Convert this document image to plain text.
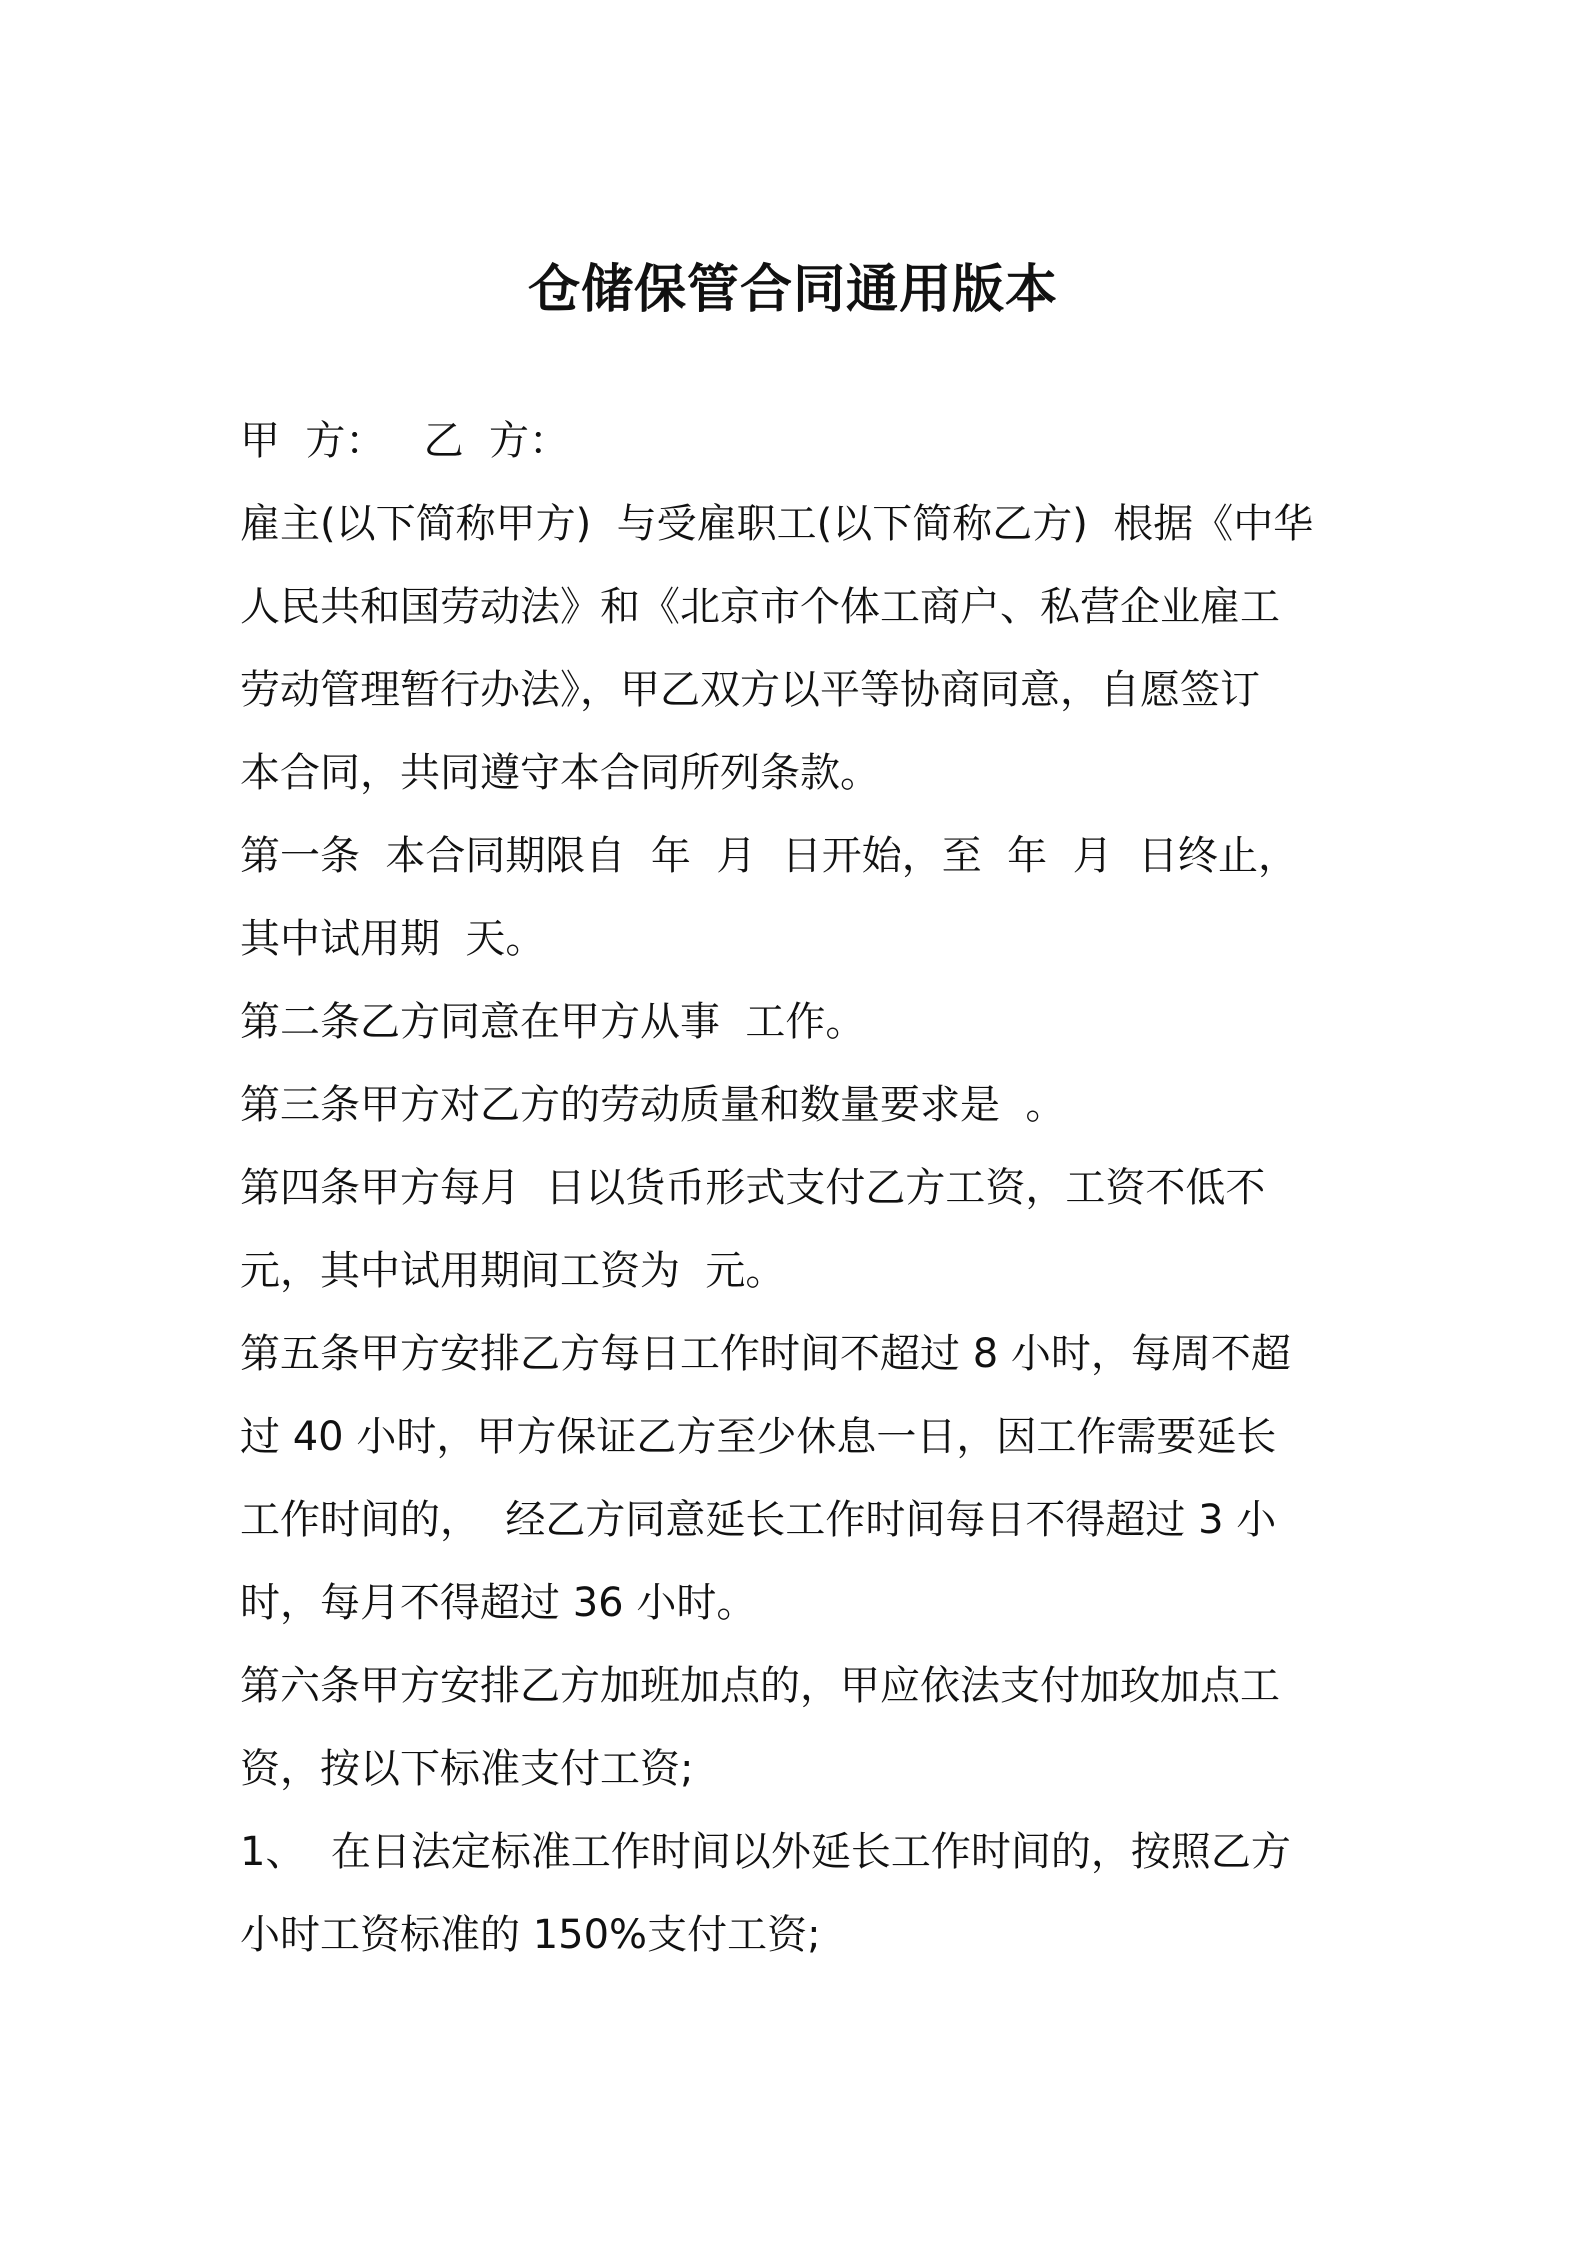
仓储保管合同通用版本
甲  方：   乙  方：
雇主(以下简称甲方)  与受雇职工(以下简称乙方)  根据《中华
人民共和国劳动法》和《北京市个体工商户、私营企业雇工
劳动管理暂行办法》，甲乙双方以平等协商同意，自愿签订
本合同，共同遵守本合同所列条款。
第一条  本合同期限自  年  月  日开始，至  年  月  日终止，
其中试用期  天。
第二条乙方同意在甲方从事  工作。
第三条甲方对乙方的劳动质量和数量要求是  。
第四条甲方每月  日以货币形式支付乙方工资，工资不低不
元，其中试用期间工资为  元。
第五条甲方安排乙方每日工作时间不超过 8 小时，每周不超
过 40 小时，甲方保证乙方至少休息一日，因工作需要延长
工作时间的，  经乙方同意延长工作时间每日不得超过 3 小
时，每月不得超过 36 小时。
第六条甲方安排乙方加班加点的，甲应依法支付加玫加点工
资，按以下标准支付工资;
1、  在日法定标准工作时间以外延长工作时间的，按照乙方
小时工资标准的 150%支付工资;
